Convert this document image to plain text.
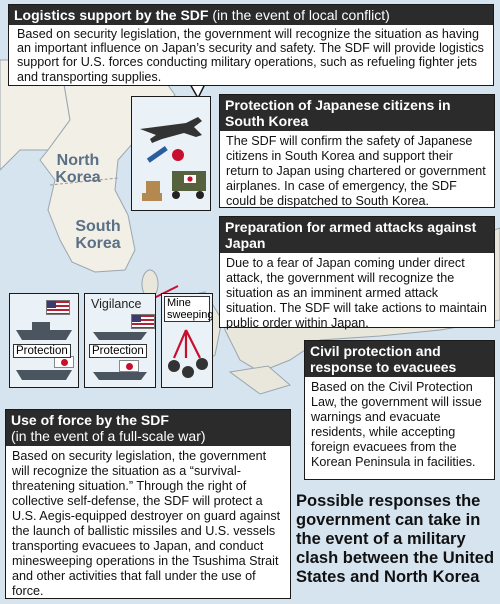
North Korea
South Korea
Logistics support by the SDF (in the event of local conflict)
Based on security legislation, the government will recognize the situation as having an important influence on Japan’s security and safety. The SDF will provide logistics support for U.S. forces conducting military operations, such as refueling fighter jets and transporting supplies.
Protection of Japanese citizens in South Korea
The SDF will confirm the safety of Japanese citizens in South Korea and support their return to Japan using chartered or government airplanes. In case of emergency, the SDF could be dispatched to South Korea.
Preparation for armed attacks against Japan
Due to a fear of Japan coming under direct attack, the government will recognize the situation as an imminent armed attack situation. The SDF will take actions to maintain public order within Japan.
Protection
Vigilance
Protection
Mine sweeping
Civil protection and response to evacuees
Based on the Civil Protection Law, the government will issue warnings and evacuate residents, while accepting foreign evacuees from the Korean Peninsula in facilities.
Use of force by the SDF
(in the event of a full-scale war)
Based on security legislation, the government will recognize the situation as a “survival-threatening situation.” Through the right of collective self-defense, the SDF will protect a U.S. Aegis-equipped destroyer on guard against the launch of ballistic missiles and U.S. vessels transporting evacuees to Japan, and conduct minesweeping operations in the Tsushima Strait and other activities that fall under the use of force.
Possible responses the government can take in the event of a military clash between the United States and North Korea
